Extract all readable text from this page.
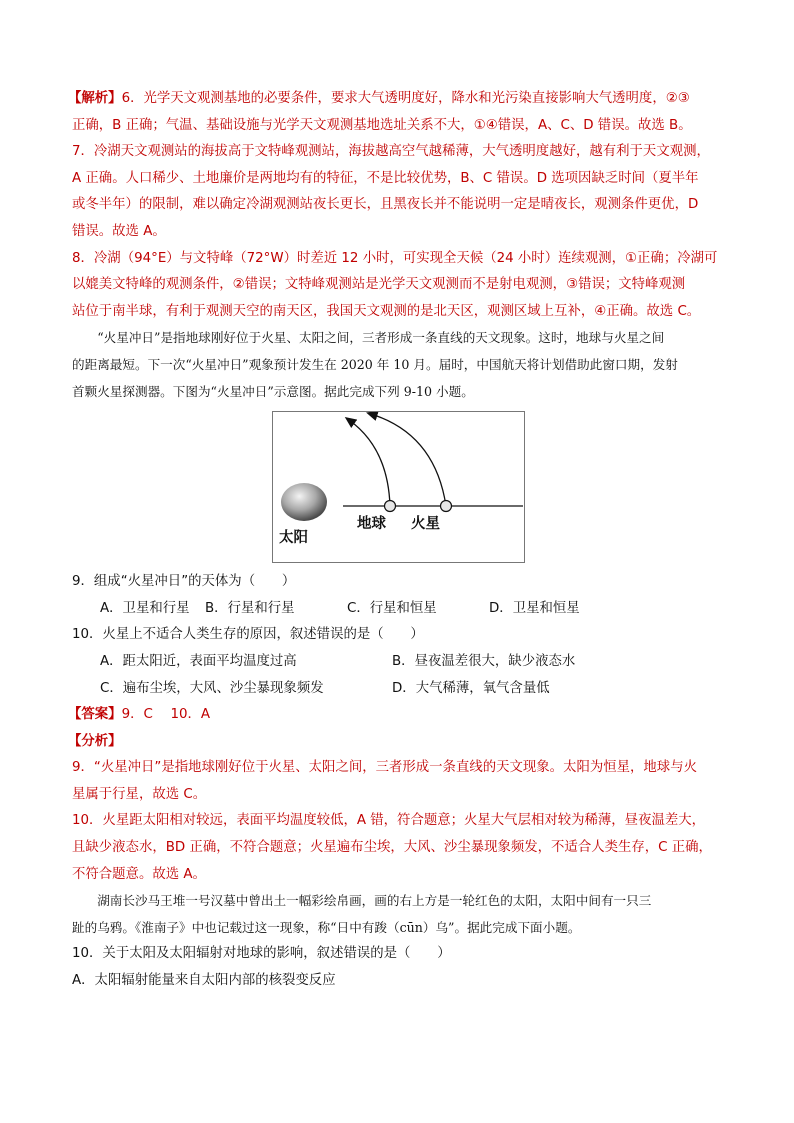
【解析】6．光学天文观测基地的必要条件，要求大气透明度好，降水和光污染直接影响大气透明度，②③

正确，B 正确；气温、基础设施与光学天文观测基地选址关系不大，①④错误，A、C、D 错误。故选 B。

7．冷湖天文观测站的海拔高于文特峰观测站，海拔越高空气越稀薄，大气透明度越好，越有利于天文观测，

A 正确。人口稀少、土地廉价是两地均有的特征，不是比较优势，B、C 错误。D 选项因缺乏时间（夏半年

或冬半年）的限制，难以确定冷湖观测站夜长更长，且黑夜长并不能说明一定是晴夜长，观测条件更优，D

错误。故选 A。

8．冷湖（94°E）与文特峰（72°W）时差近 12 小时，可实现全天候（24 小时）连续观测，①正确；冷湖可

以媲美文特峰的观测条件，②错误；文特峰观测站是光学天文观测而不是射电观测，③错误；文特峰观测

站位于南半球，有利于观测天空的南天区，我国天文观测的是北天区，观测区域上互补，④正确。故选 C。

“火星冲日”是指地球刚好位于火星、太阳之间，三者形成一条直线的天文现象。这时，地球与火星之间

的距离最短。下一次“火星冲日”观象预计发生在 2020 年 10 月。届时，中国航天将计划借助此窗口期，发射

首颗火星探测器。下图为“火星冲日”示意图。据此完成下列 9-10 小题。

太阳
地球 火星

9．组成“火星冲日”的天体为（　　）

A．卫星和行星	B．行星和行星	C．行星和恒星	D．卫星和恒星

10．火星上不适合人类生存的原因，叙述错误的是（　　）

A．距太阳近，表面平均温度过高	B．昼夜温差很大，缺少液态水
C．遍布尘埃，大风、沙尘暴现象频发	D．大气稀薄，氧气含量低

【答案】9．C　 10．A

【分析】

9．“火星冲日”是指地球刚好位于火星、太阳之间，三者形成一条直线的天文现象。太阳为恒星，地球与火

星属于行星，故选 C。

10．火星距太阳相对较远，表面平均温度较低，A 错，符合题意；火星大气层相对较为稀薄，昼夜温差大，

且缺少液态水，BD 正确，不符合题意；火星遍布尘埃，大风、沙尘暴现象频发，不适合人类生存，C 正确，

不符合题意。故选 A。

湖南长沙马王堆一号汉墓中曾出土一幅彩绘帛画，画的右上方是一轮红色的太阳，太阳中间有一只三

趾的乌鸦。《淮南子》中也记载过这一现象，称“日中有踆（cūn）乌”。据此完成下面小题。

10．关于太阳及太阳辐射对地球的影响，叙述错误的是（　　）

A．太阳辐射能量来自太阳内部的核裂变反应
